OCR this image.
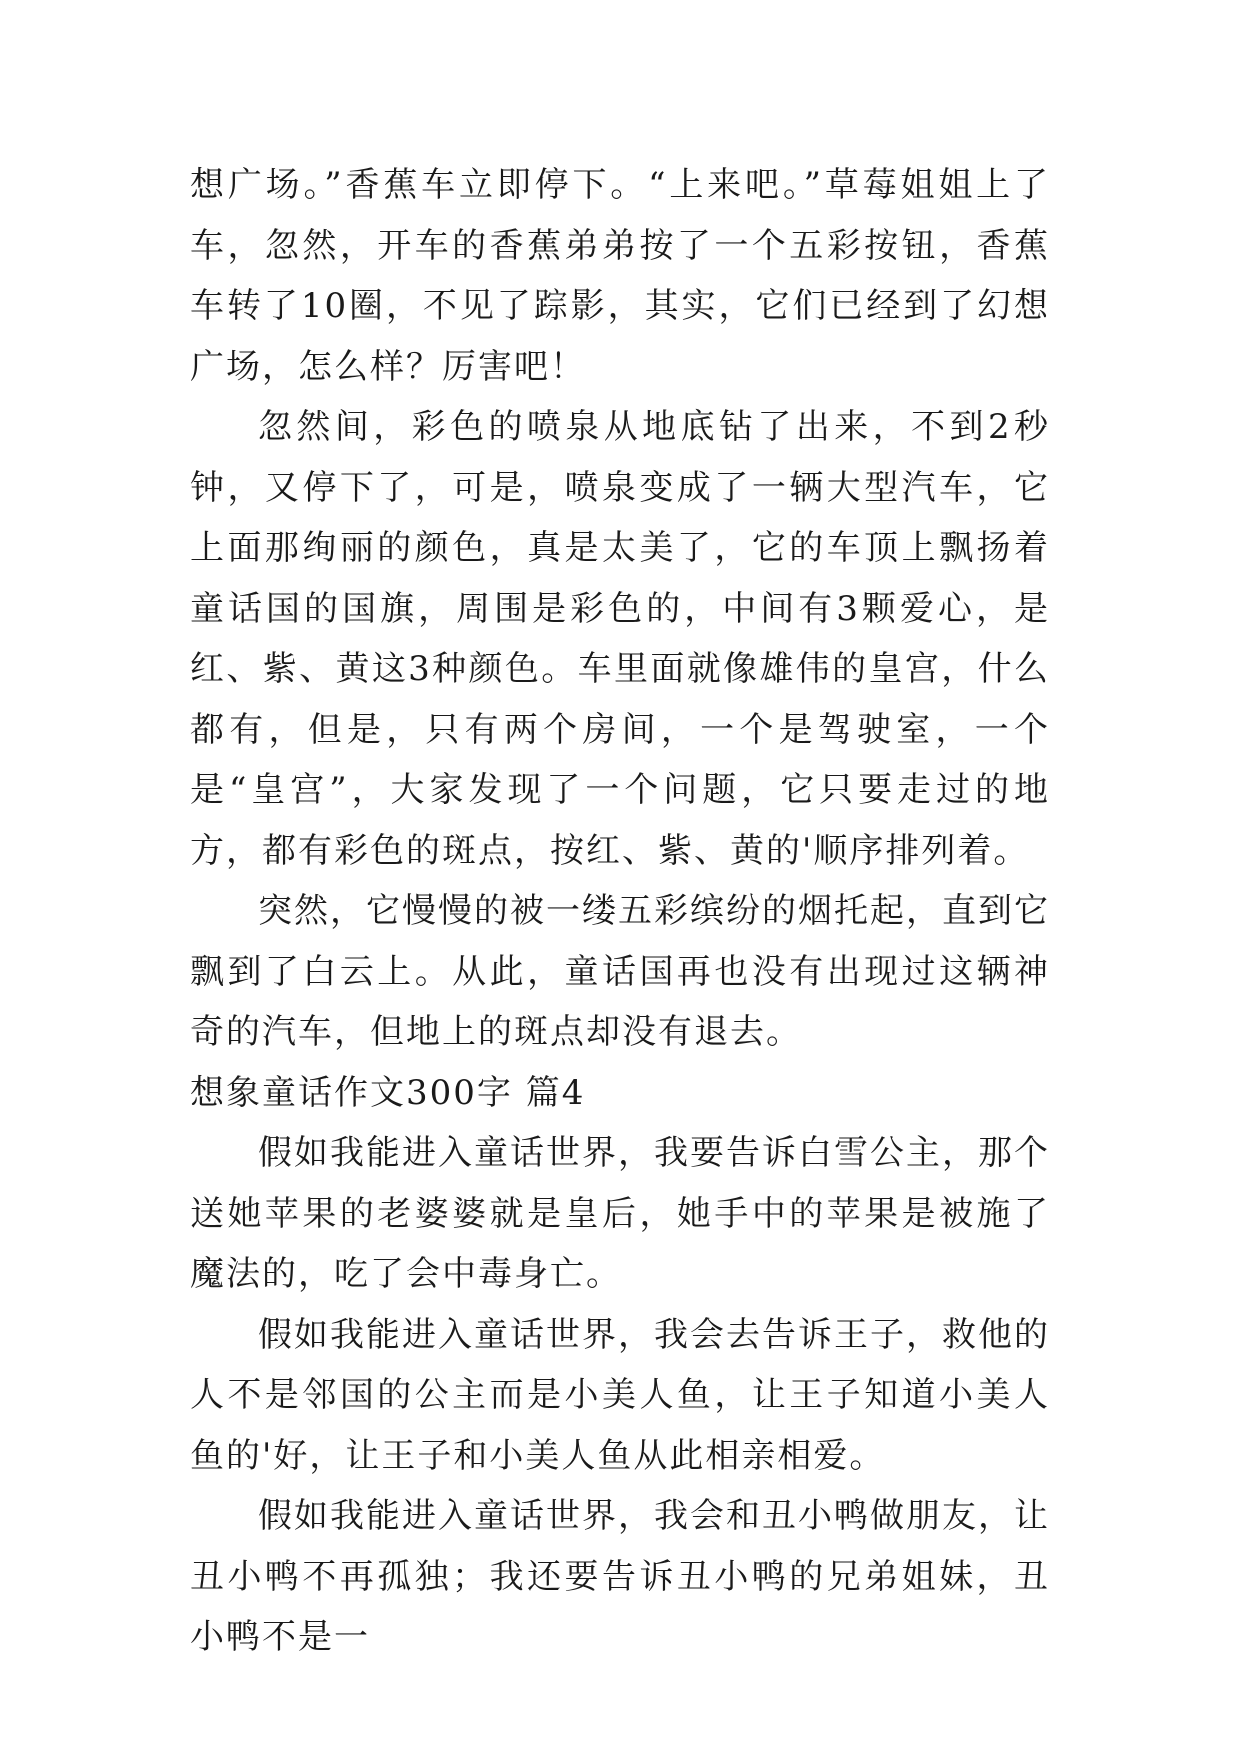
想广场。”香蕉车立即停下。“上来吧。”草莓姐姐上了车，忽然，开车的香蕉弟弟按了一个五彩按钮，香蕉车转了10圈，不见了踪影，其实，它们已经到了幻想广场，怎么样？厉害吧！

忽然间，彩色的喷泉从地底钻了出来，不到2秒钟，又停下了，可是，喷泉变成了一辆大型汽车，它上面那绚丽的颜色，真是太美了，它的车顶上飘扬着童话国的国旗，周围是彩色的，中间有3颗爱心，是红、紫、黄这3种颜色。车里面就像雄伟的皇宫，什么都有，但是，只有两个房间，一个是驾驶室，一个是“皇宫”，大家发现了一个问题，它只要走过的地方，都有彩色的斑点，按红、紫、黄的'顺序排列着。

突然，它慢慢的被一缕五彩缤纷的烟托起，直到它飘到了白云上。从此，童话国再也没有出现过这辆神奇的汽车，但地上的斑点却没有退去。

想象童话作文300字 篇4

假如我能进入童话世界，我要告诉白雪公主，那个送她苹果的老婆婆就是皇后，她手中的苹果是被施了魔法的，吃了会中毒身亡。

假如我能进入童话世界，我会去告诉王子，救他的人不是邻国的公主而是小美人鱼，让王子知道小美人鱼的'好，让王子和小美人鱼从此相亲相爱。

假如我能进入童话世界，我会和丑小鸭做朋友，让丑小鸭不再孤独；我还要告诉丑小鸭的兄弟姐妹，丑小鸭不是一
